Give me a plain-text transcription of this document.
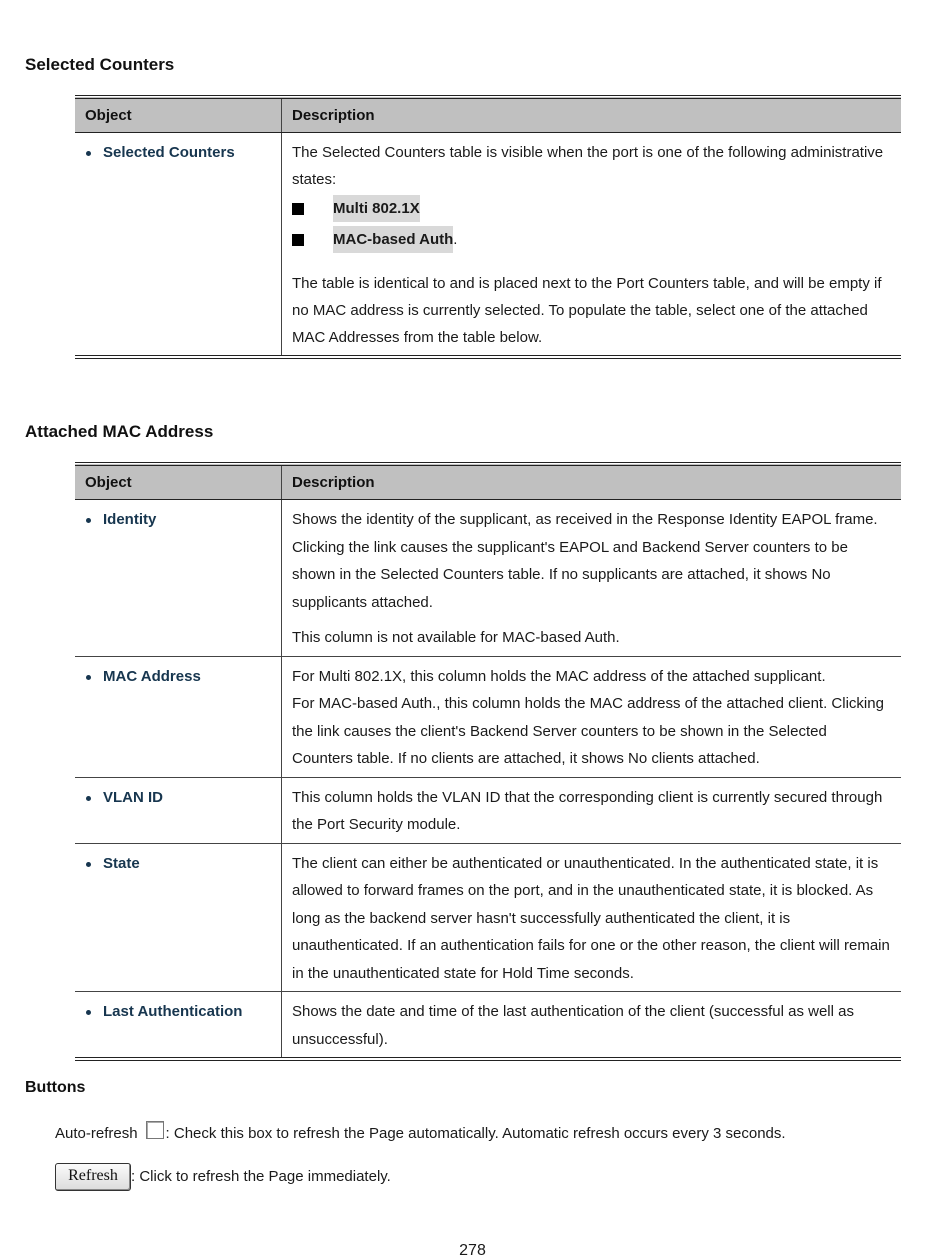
Selected Counters
Object	Description

Selected Counters	The Selected Counters table is visible when the port is one of the following administrative states:

Multi 802.1X
MAC-based Auth .

The table is identical to and is placed next to the Port Counters table, and will be empty if no MAC address is currently selected. To populate the table, select one of the attached MAC Addresses from the table below.

Attached MAC Address
Object	Description

Identity	Shows the identity of the supplicant, as received in the Response Identity EAPOL frame. Clicking the link causes the supplicant's EAPOL and Backend Server counters to be shown in the Selected Counters table. If no supplicants are attached, it shows No supplicants attached.

This column is not available for MAC-based Auth.

MAC Address	For Multi 802.1X, this column holds the MAC address of the attached supplicant.

For MAC-based Auth., this column holds the MAC address of the attached client. Clicking the link causes the client's Backend Server counters to be shown in the Selected Counters table. If no clients are attached, it shows No clients attached.

VLAN ID	This column holds the VLAN ID that the corresponding client is currently secured through the Port Security module.

State	The client can either be authenticated or unauthenticated. In the authenticated state, it is allowed to forward frames on the port, and in the unauthenticated state, it is blocked. As long as the backend server hasn't successfully authenticated the client, it is unauthenticated. If an authentication fails for one or the other reason, the client will remain in the unauthenticated state for Hold Time seconds.

Last Authentication	Shows the date and time of the last authentication of the client (successful as well as unsuccessful).

Buttons
Auto-refresh : Check this box to refresh the Page automatically. Automatic refresh occurs every 3 seconds.
Refresh : Click to refresh the Page immediately.
278
